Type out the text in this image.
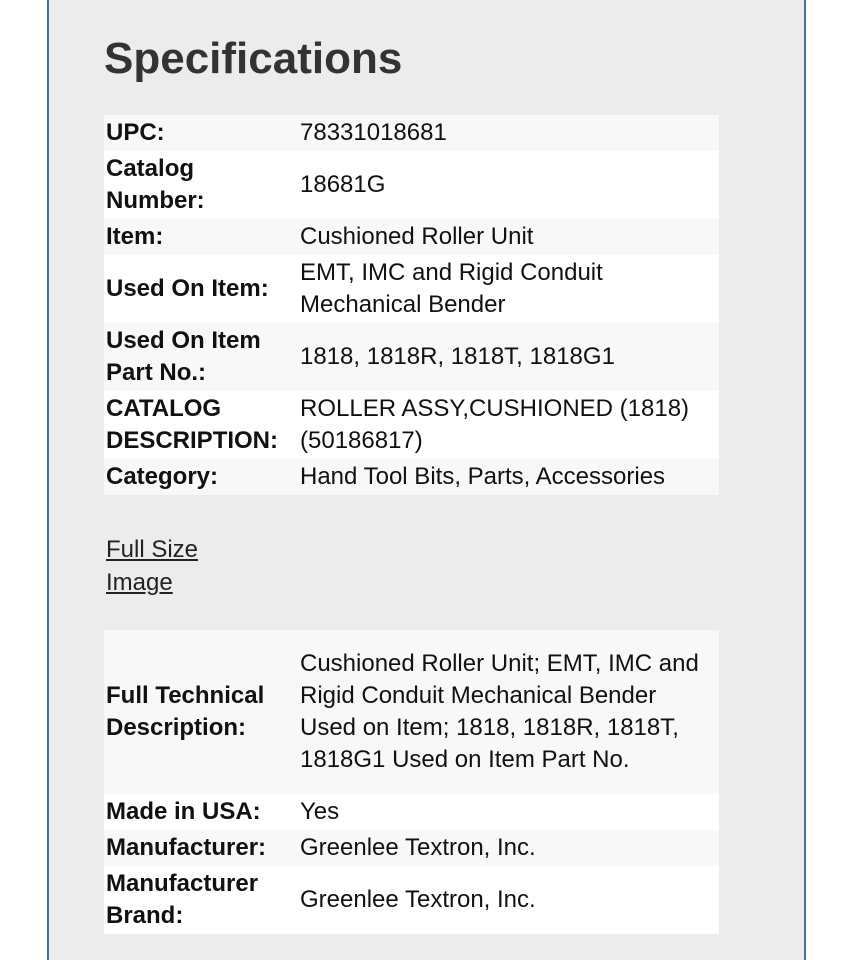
Specifications
UPC:	78331018681
Catalog Number:	18681G
Item:	Cushioned Roller Unit
Used On Item:	EMT, IMC and Rigid Conduit Mechanical Bender
Used On Item Part No.:	1818, 1818R, 1818T, 1818G1
CATALOG DESCRIPTION:	ROLLER ASSY,CUSHIONED (1818) (50186817)
Category:	Hand Tool Bits, Parts, Accessories
Full Size Image
Full Technical Description:	Cushioned Roller Unit; EMT, IMC and Rigid Conduit Mechanical Bender Used on Item; 1818, 1818R, 1818T, 1818G1 Used on Item Part No.
Made in USA:	Yes
Manufacturer:	Greenlee Textron, Inc.
Manufacturer Brand:	Greenlee Textron, Inc.
